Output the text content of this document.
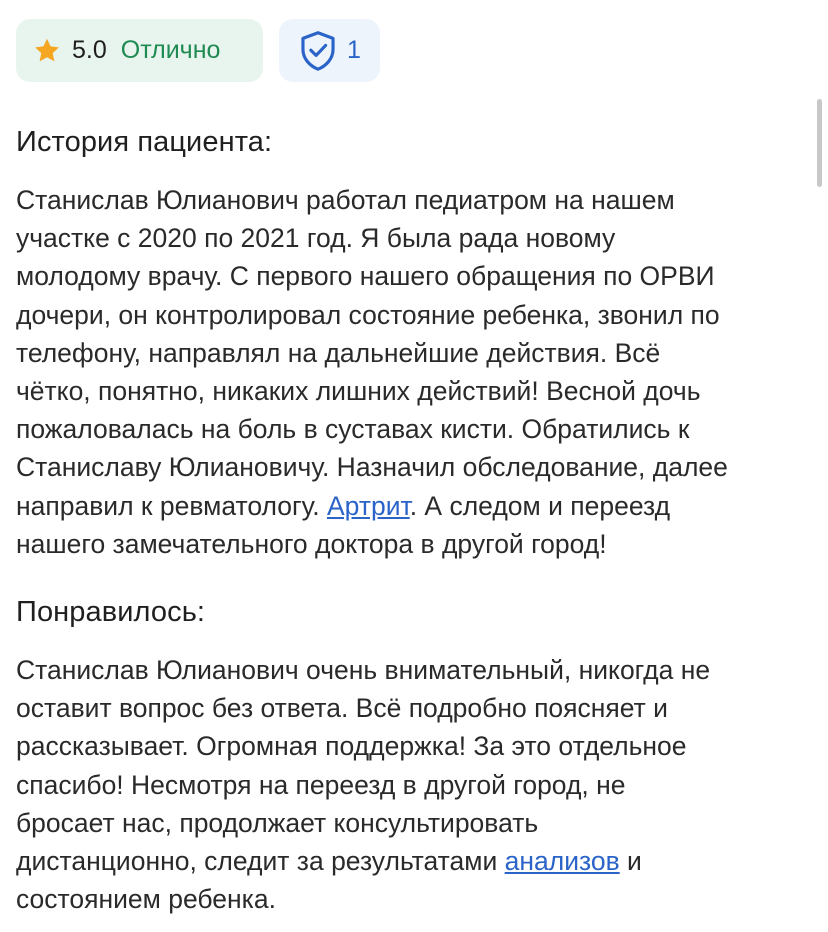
5.0 Отлично	1
История пациента:

Станислав Юлианович работал педиатром на нашем
участке с 2020 по 2021 год. Я была рада новому
молодому врачу. С первого нашего обращения по ОРВИ
дочери, он контролировал состояние ребенка, звонил по
телефону, направлял на дальнейшие действия. Всё
чётко, понятно, никаких лишних действий! Весной дочь
пожаловалась на боль в суставах кисти. Обратились к
Станиславу Юлиановичу. Назначил обследование, далее
направил к ревматологу. Артрит. А следом и переезд
нашего замечательного доктора в другой город!

Понравилось:

Станислав Юлианович очень внимательный, никогда не
оставит вопрос без ответа. Всё подробно поясняет и
рассказывает. Огромная поддержка! За это отдельное
спасибо! Несмотря на переезд в другой город, не
бросает нас, продолжает консультировать
дистанционно, следит за результатами анализов и
состоянием ребенка.
